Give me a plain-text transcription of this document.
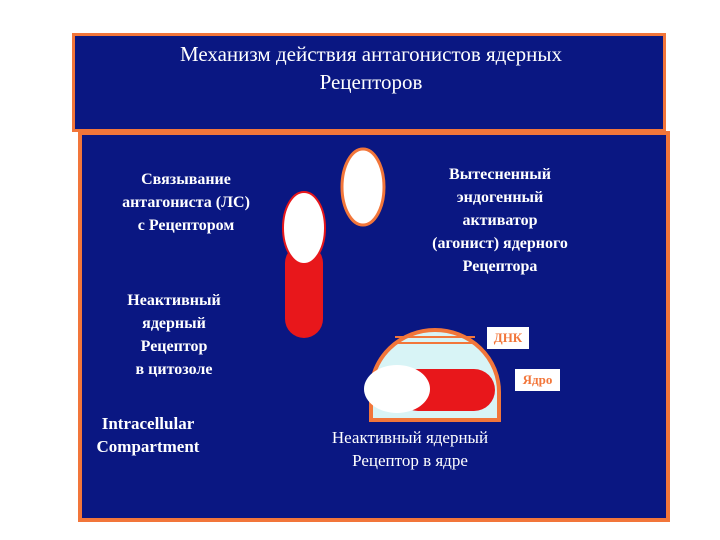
Механизм действия антагонистов ядерных
Рецепторов
ДНК
Ядро
Связывание
антагониста (ЛС)
с Рецептором
Вытесненный
эндогенный
активатор
(агонист) ядерного
Рецептора
Неактивный
ядерный
Рецептор
в цитозоле
Intracellular
Compartment	Неактивный ядерный
Рецептор в ядре
